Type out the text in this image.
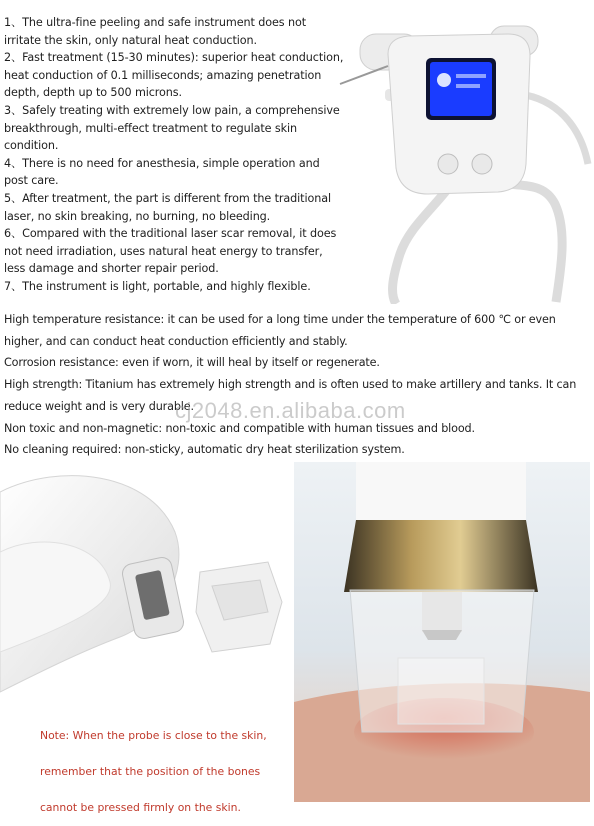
1、The ultra-fine peeling and safe instrument does not irritate the skin, only natural heat conduction.
2、Fast treatment (15-30 minutes): superior heat conduction, heat conduction of 0.1 milliseconds; amazing penetration depth, depth up to 500 microns.
3、Safely treating with extremely low pain, a comprehensive breakthrough, multi-effect treatment to regulate skin condition.
4、There is no need for anesthesia, simple operation and post care.
5、After treatment, the part is different from the traditional laser, no skin breaking, no burning, no bleeding.
6、Compared with the traditional laser scar removal, it does not need irradiation, uses natural heat energy to transfer, less damage and shorter repair period.
7、The instrument is light, portable, and highly flexible.
High temperature resistance: it can be used for a long time under the temperature of 600 ℃ or even higher, and can conduct heat conduction efficiently and stably.
Corrosion resistance: even if worn, it will heal by itself or regenerate.
High strength: Titanium has extremely high strength and is often used to make artillery and tanks. It can reduce weight and is very durable.
Non toxic and non-magnetic: non-toxic and compatible with human tissues and blood.
No cleaning required: non-sticky, automatic dry heat sterilization system.
cj2048.en.alibaba.com
Note: When the probe is close to the skin,
remember that the position of the bones
cannot be pressed firmly on the skin.
